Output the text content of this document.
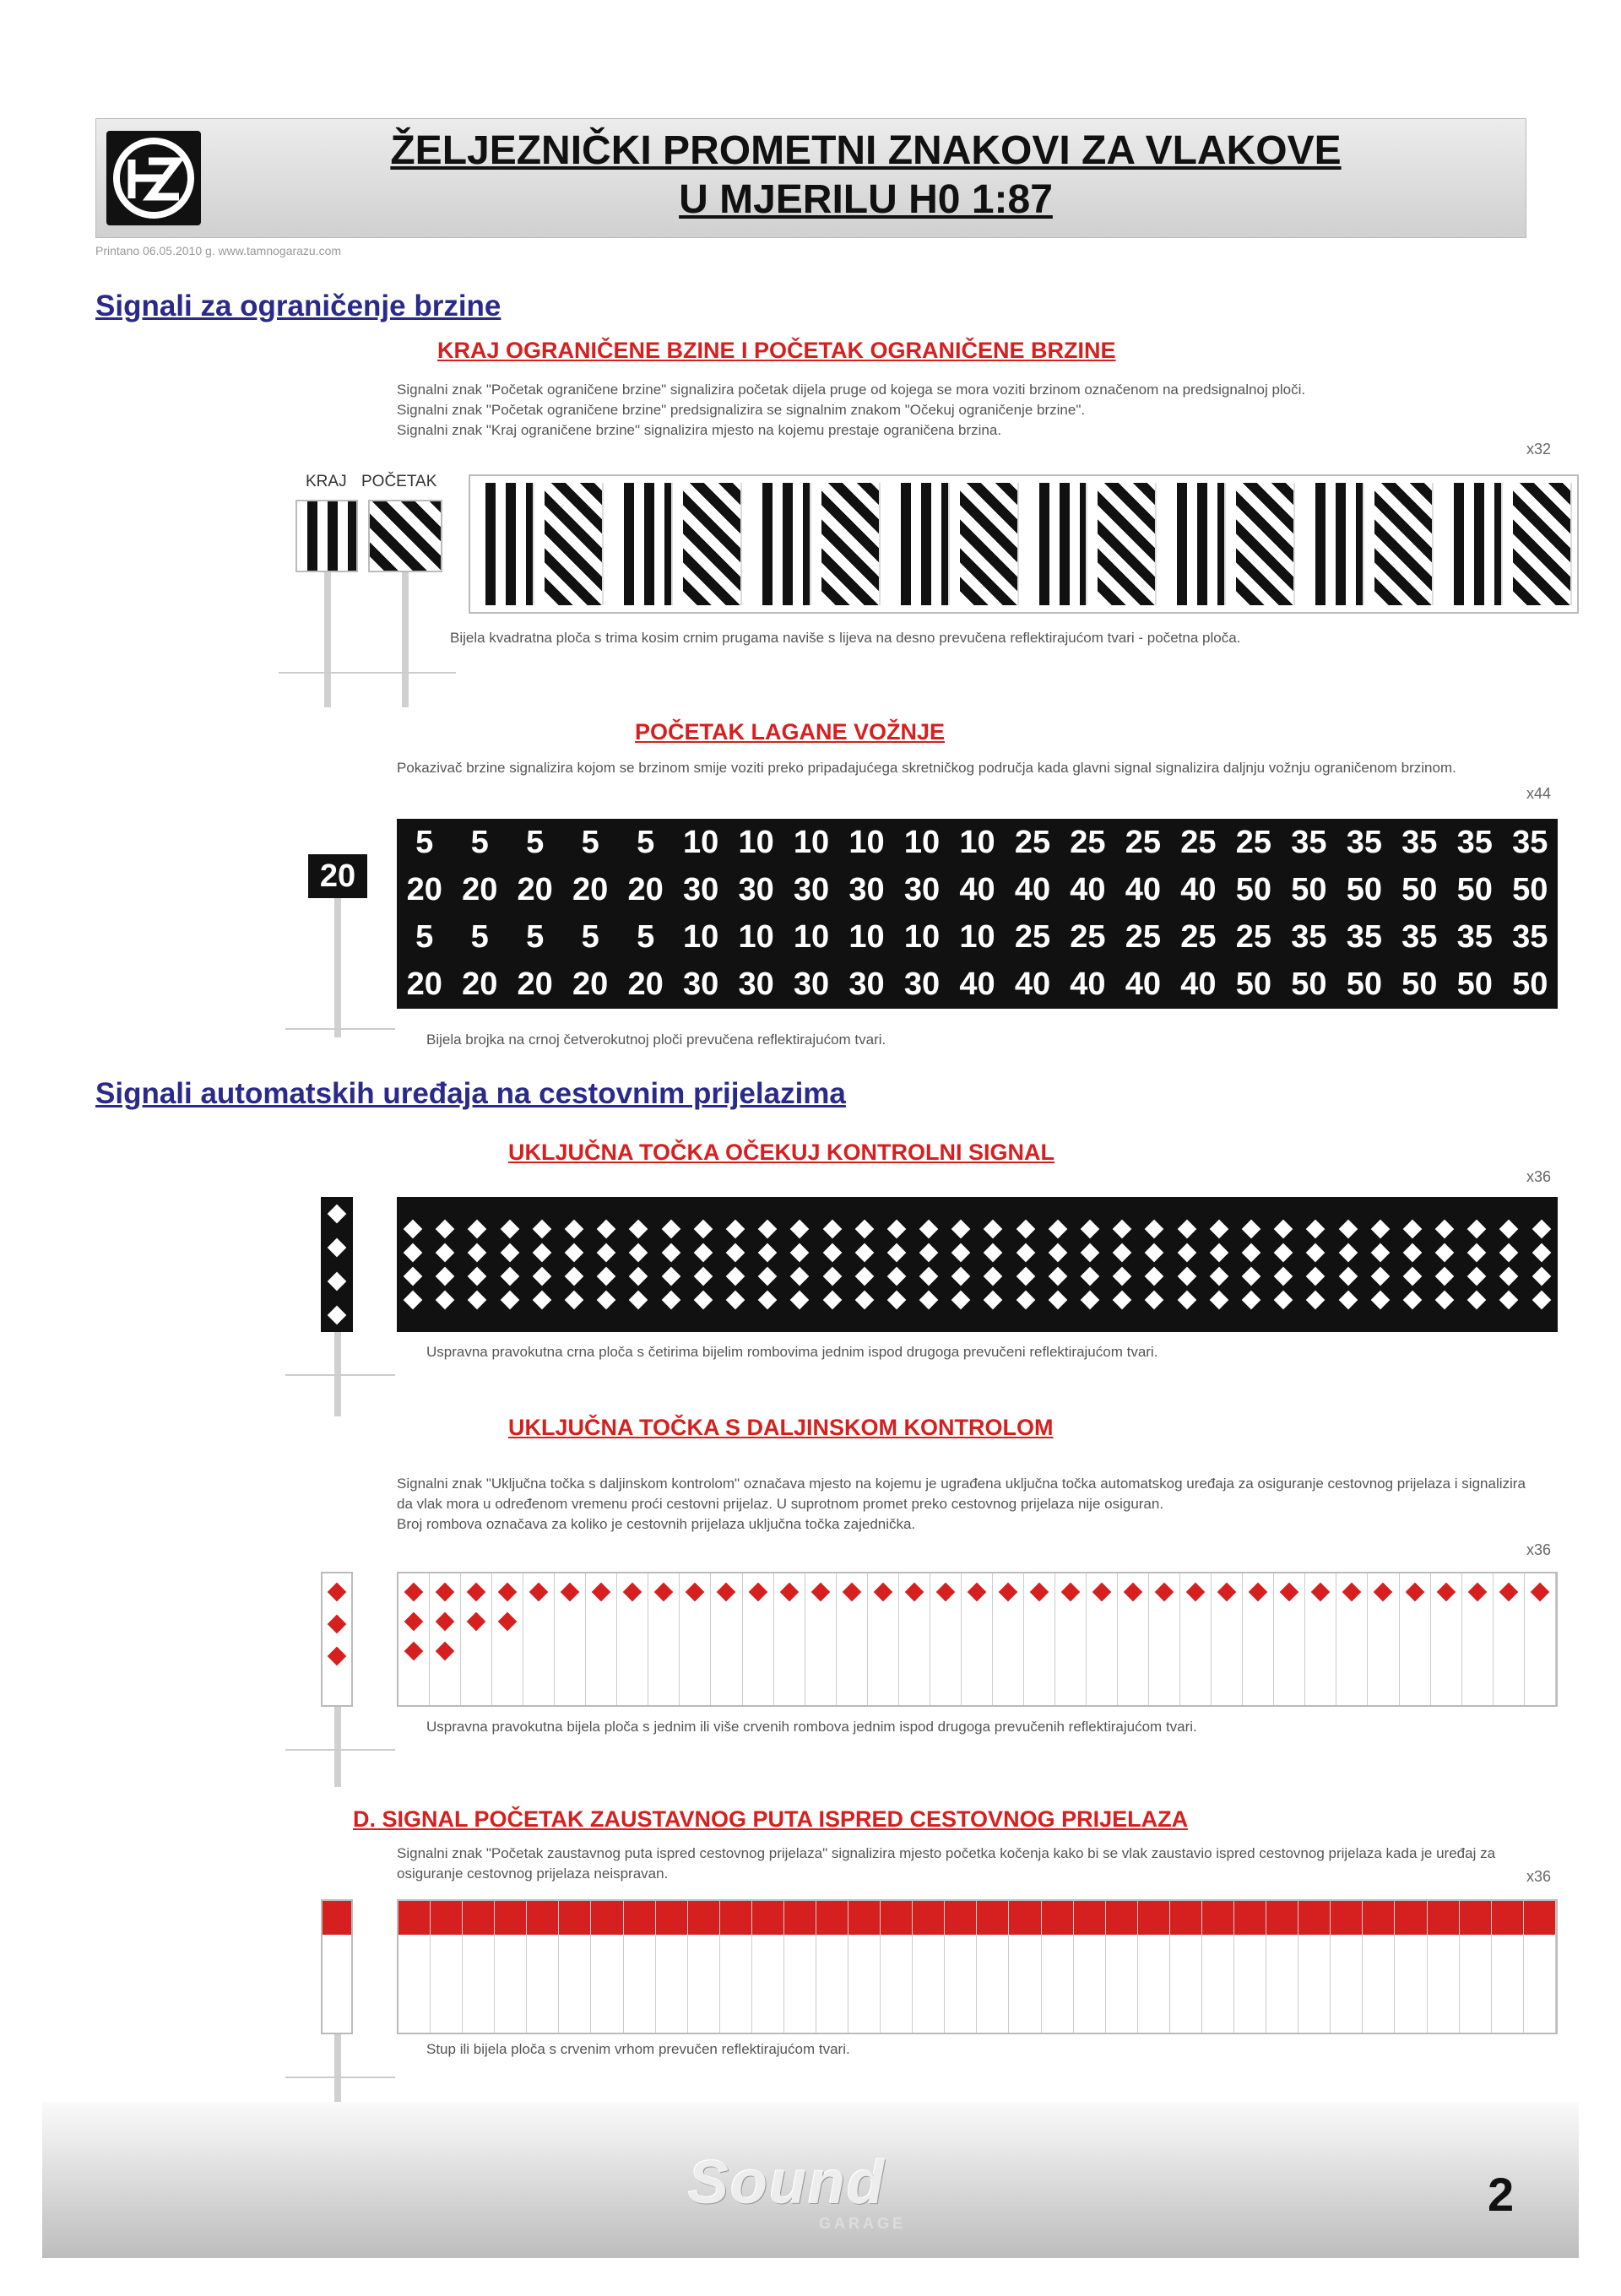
ŽELJEZNIČKI PROMETNI ZNAKOVI ZA VLAKOVE
U MJERILU H0 1:87
Printano 06.05.2010 g. www.tamnogarazu.com
Signali za ograničenje brzine
KRAJ OGRANIČENE BZINE I POČETAK OGRANIČENE BRZINE

Signalni znak "Početak ograničene brzine" signalizira početak dijela pruge od kojega se mora voziti brzinom označenom na predsignalnoj ploči.

Signalni znak "Početak ograničene brzine" predsignalizira se signalnim znakom "Očekuj ograničenje brzine".

Signalni znak "Kraj ograničene brzine" signalizira mjesto na kojemu prestaje ograničena brzina.

x32
KRAJ POČETAK
Bijela kvadratna ploča s trima kosim crnim prugama naviše s lijeva na desno prevučena reflektirajućom tvari - početna ploča.
POČETAK LAGANE VOŽNJE
Pokazivač brzine signalizira kojom se brzinom smije voziti preko pripadajućega skretničkog područja kada glavni signal signalizira daljnju vožnju ograničenom brzinom.
x44
20
5	5	5	5	5 10 10 10 10 10 10 25 25 25 25 25 35 35 35 35 35
20 20 20 20 20 30 30 30 30 30 40 40 40 40 40 50 50 50 50 50 50
5	5	5	5	5 10 10 10 10 10 10 25 25 25 25 25 35 35 35 35 35
20 20 20 20 20 30 30 30 30 30 40 40 40 40 40 50 50 50 50 50 50
Bijela brojka na crnoj četverokutnoj ploči prevučena reflektirajućom tvari.
Signali automatskih uređaja na cestovnim prijelazima
UKLJUČNA TOČKA OČEKUJ KONTROLNI SIGNAL
x36
Uspravna pravokutna crna ploča s četirima bijelim rombovima jednim ispod drugoga prevučeni reflektirajućom tvari.
UKLJUČNA TOČKA S DALJINSKOM KONTROLOM

Signalni znak "Uključna točka s daljinskom kontrolom" označava mjesto na kojemu je ugrađena uključna točka automatskog uređaja za osiguranje cestovnog prijelaza i signalizira da vlak mora u određenom vremenu proći cestovni prijelaz. U suprotnom promet preko cestovnog prijelaza nije osiguran.

Broj rombova označava za koliko je cestovnih prijelaza uključna točka zajednička.

x36
Uspravna pravokutna bijela ploča s jednim ili više crvenih rombova jednim ispod drugoga prevučenih reflektirajućom tvari.
D. SIGNAL POČETAK ZAUSTAVNOG PUTA ISPRED CESTOVNOG PRIJELAZA
Signalni znak "Početak zaustavnog puta ispred cestovnog prijelaza" signalizira mjesto početka kočenja kako bi se vlak zaustavio ispred cestovnog prijelaza kada je uređaj za osiguranje cestovnog prijelaza neispravan.	x36
Stup ili bijela ploča s crvenim vrhom prevučen reflektirajućom tvari.
Sound
GARAGE
2
